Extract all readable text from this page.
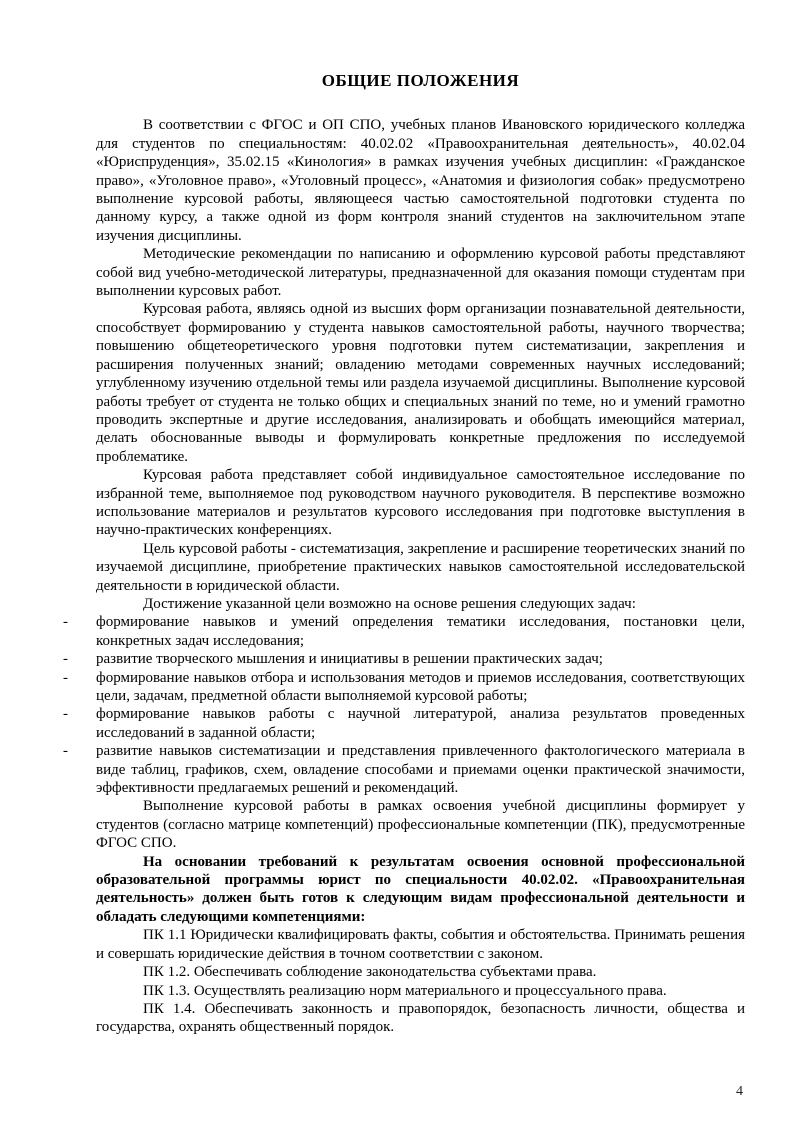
ОБЩИЕ ПОЛОЖЕНИЯ

В соответствии с ФГОС и ОП СПО, учебных планов Ивановского юридического колледжа для студентов по специальностям: 40.02.02 «Правоохранительная деятельность», 40.02.04 «Юриспруденция», 35.02.15 «Кинология» в рамках изучения учебных дисциплин: «Гражданское право», «Уголовное право», «Уголовный процесс», «Анатомия и физиология собак» предусмотрено выполнение курсовой работы, являющееся частью самостоятельной подготовки студента по данному курсу, а также одной из форм контроля знаний студентов на заключительном этапе изучения дисциплины.

Методические рекомендации по написанию и оформлению курсовой работы представляют собой вид учебно-методической литературы, предназначенной для оказания помощи студентам при выполнении курсовых работ.

Курсовая работа, являясь одной из высших форм организации познавательной деятельности, способствует формированию у студента навыков самостоятельной работы, научного творчества; повышению общетеоретического уровня подготовки путем систематизации, закрепления и расширения полученных знаний; овладению методами современных научных исследований; углубленному изучению отдельной темы или раздела изучаемой дисциплины. Выполнение курсовой работы требует от студента не только общих и специальных знаний по теме, но и умений грамотно проводить экспертные и другие исследования, анализировать и обобщать имеющийся материал, делать обоснованные выводы и формулировать конкретные предложения по исследуемой проблематике.

Курсовая работа представляет собой индивидуальное самостоятельное исследование по избранной теме, выполняемое под руководством научного руководителя. В перспективе возможно использование материалов и результатов курсового исследования при подготовке выступления в научно-практических конференциях.

Цель курсовой работы - систематизация, закрепление и расширение теоретических знаний по изучаемой дисциплине, приобретение практических навыков самостоятельной исследовательской деятельности в юридической области.

Достижение указанной цели возможно на основе решения следующих задач:

- формирование навыков и умений определения тематики исследования, постановки цели, конкретных задач исследования;
- развитие творческого мышления и инициативы в решении практических задач;
- формирование навыков отбора и использования методов и приемов исследования, соответствующих цели, задачам, предметной области выполняемой курсовой работы;
- формирование навыков работы с научной литературой, анализа результатов проведенных исследований в заданной области;
- развитие навыков систематизации и представления привлеченного фактологического материала в виде таблиц, графиков, схем, овладение способами и приемами оценки практической значимости, эффективности предлагаемых решений и рекомендаций.

Выполнение курсовой работы в рамках освоения учебной дисциплины формирует у студентов (согласно матрице компетенций) профессиональные компетенции (ПК), предусмотренные ФГОС СПО.

На основании требований к результатам освоения основной профессиональной образовательной программы юрист по специальности 40.02.02. «Правоохранительная деятельность» должен быть готов к следующим видам профессиональной деятельности и обладать следующими компетенциями:

ПК 1.1 Юридически квалифицировать факты, события и обстоятельства. Принимать решения и совершать юридические действия в точном соответствии с законом.

ПК 1.2. Обеспечивать соблюдение законодательства субъектами права.

ПК 1.3. Осуществлять реализацию норм материального и процессуального права.

ПК 1.4. Обеспечивать законность и правопорядок, безопасность личности, общества и государства, охранять общественный порядок.

4
